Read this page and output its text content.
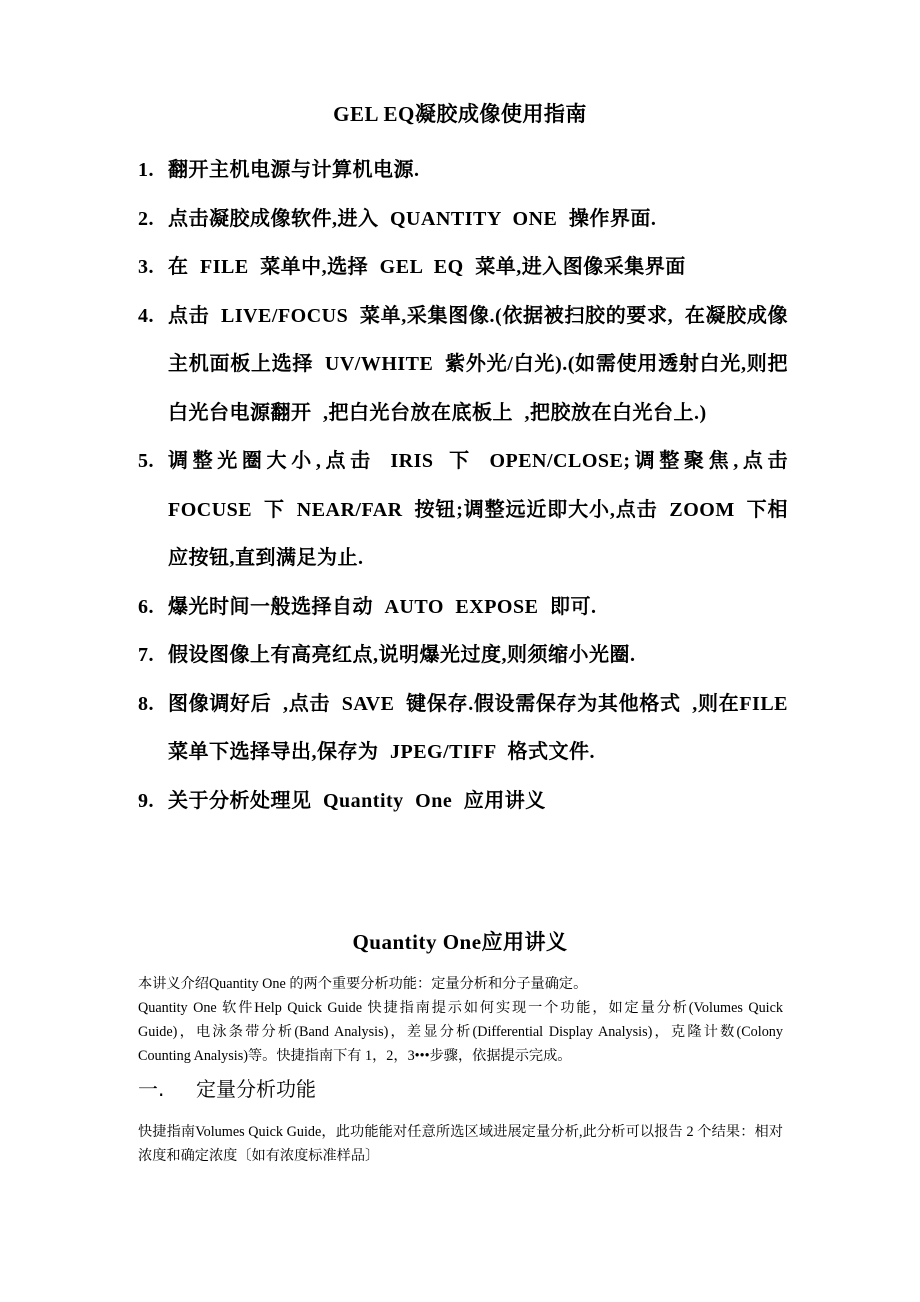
GEL EQ凝胶成像使用指南
1. 翻开主机电源与计算机电源.
2. 点击凝胶成像软件,进入 QUANTITY ONE 操作界面.
3. 在 FILE 菜单中,选择 GEL EQ 菜单,进入图像采集界面
4. 点击 LIVE/FOCUS 菜单,采集图像.(依据被扫胶的要求, 在凝胶成像主机面板上选择 UV/WHITE 紫外光/白光).(如需使用透射白光,则把白光台电源翻开 ,把白光台放在底板上 ,把胶放在白光台上.)
5. 调整光圈大小,点击 IRIS 下 OPEN/CLOSE;调整聚焦,点击 FOCUSE 下 NEAR/FAR 按钮;调整远近即大小,点击 ZOOM 下相应按钮,直到满足为止.
6. 爆光时间一般选择自动 AUTO EXPOSE 即可.
7. 假设图像上有高亮红点,说明爆光过度,则须缩小光圈.
8. 图像调好后 ,点击 SAVE 键保存.假设需保存为其他格式 ,则在FILE 菜单下选择导出,保存为 JPEG/TIFF 格式文件.
9. 关于分析处理见 Quantity One 应用讲义
Quantity One应用讲义

本讲义介绍Quantity One 的两个重要分析功能：定量分析和分子量确定。

Quantity One 软件Help Quick Guide 快捷指南提示如何实现一个功能，如定量分析(Volumes Quick Guide)，电泳条带分析(Band Analysis)，差显分析(Differential Display Analysis)，克隆计数(Colony Counting Analysis)等。快捷指南下有 1，2，3•••步骤，依据提示完成。

一.	定量分析功能

快捷指南Volumes Quick Guide，此功能能对任意所选区域进展定量分析,此分析可以报告 2 个结果：相对浓度和确定浓度〔如有浓度标准样品〕
